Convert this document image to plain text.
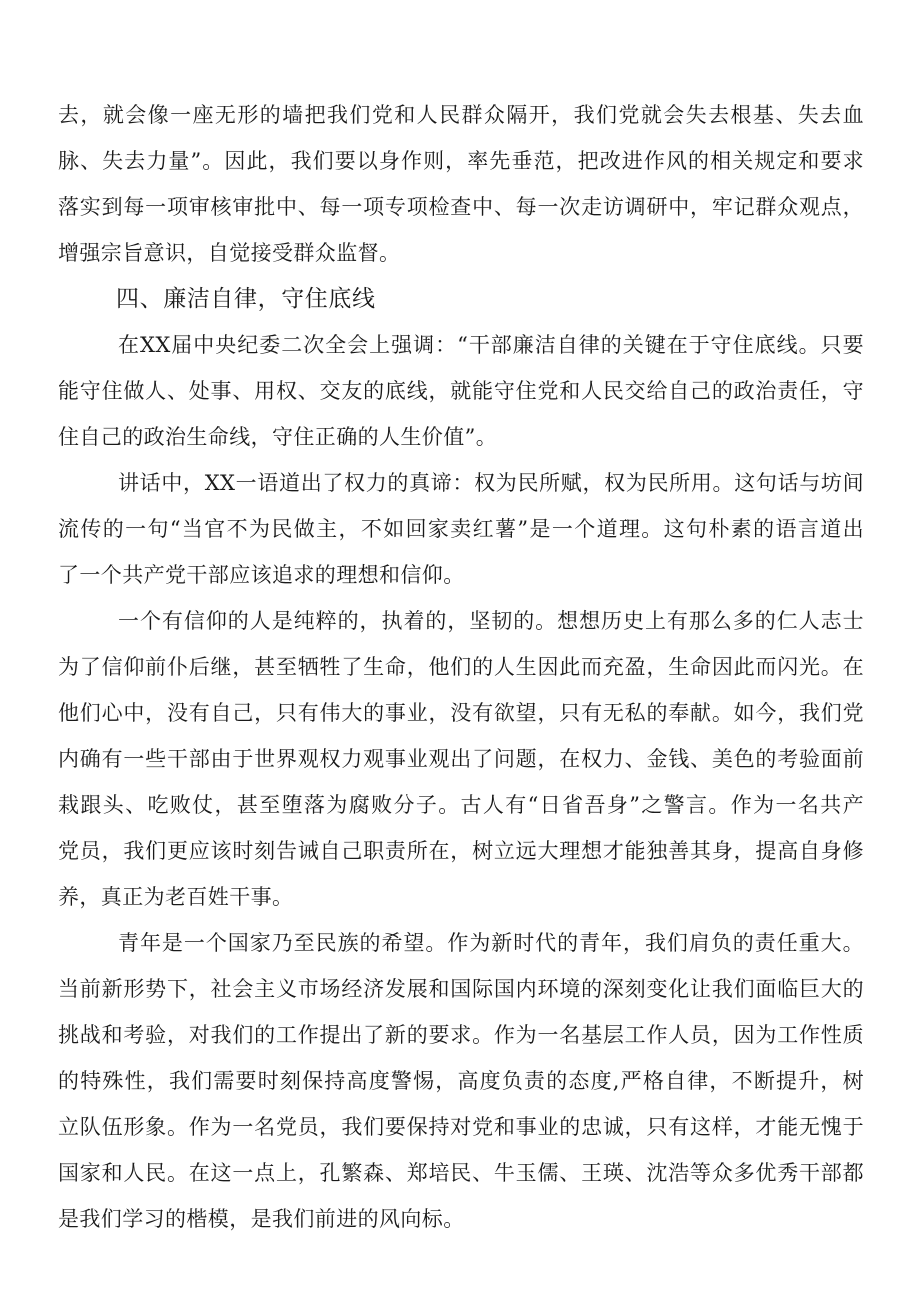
去，就会像一座无形的墙把我们党和人民群众隔开，我们党就会失去根基、失去血
脉、失去力量”。因此，我们要以身作则，率先垂范，把改进作风的相关规定和要求
落实到每一项审核审批中、每一项专项检查中、每一次走访调研中，牢记群众观点，
增强宗旨意识，自觉接受群众监督。
四、廉洁自律，守住底线
在XX届中央纪委二次全会上强调：“干部廉洁自律的关键在于守住底线。只要
能守住做人、处事、用权、交友的底线，就能守住党和人民交给自己的政治责任，守
住自己的政治生命线，守住正确的人生价值”。
讲话中，XX一语道出了权力的真谛：权为民所赋，权为民所用。这句话与坊间
流传的一句“当官不为民做主，不如回家卖红薯”是一个道理。这句朴素的语言道出
了一个共产党干部应该追求的理想和信仰。
一个有信仰的人是纯粹的，执着的，坚韧的。想想历史上有那么多的仁人志士
为了信仰前仆后继，甚至牺牲了生命，他们的人生因此而充盈，生命因此而闪光。在
他们心中，没有自己，只有伟大的事业，没有欲望，只有无私的奉献。如今，我们党
内确有一些干部由于世界观权力观事业观出了问题，在权力、金钱、美色的考验面前
栽跟头、吃败仗，甚至堕落为腐败分子。古人有“日省吾身”之警言。作为一名共产
党员，我们更应该时刻告诫自己职责所在，树立远大理想才能独善其身，提高自身修
养，真正为老百姓干事。
青年是一个国家乃至民族的希望。作为新时代的青年，我们肩负的责任重大。
当前新形势下，社会主义市场经济发展和国际国内环境的深刻变化让我们面临巨大的
挑战和考验，对我们的工作提出了新的要求。作为一名基层工作人员，因为工作性质
的特殊性，我们需要时刻保持高度警惕，高度负责的态度,严格自律，不断提升，树
立队伍形象。作为一名党员，我们要保持对党和事业的忠诚，只有这样，才能无愧于
国家和人民。在这一点上，孔繁森、郑培民、牛玉儒、王瑛、沈浩等众多优秀干部都
是我们学习的楷模，是我们前进的风向标。
